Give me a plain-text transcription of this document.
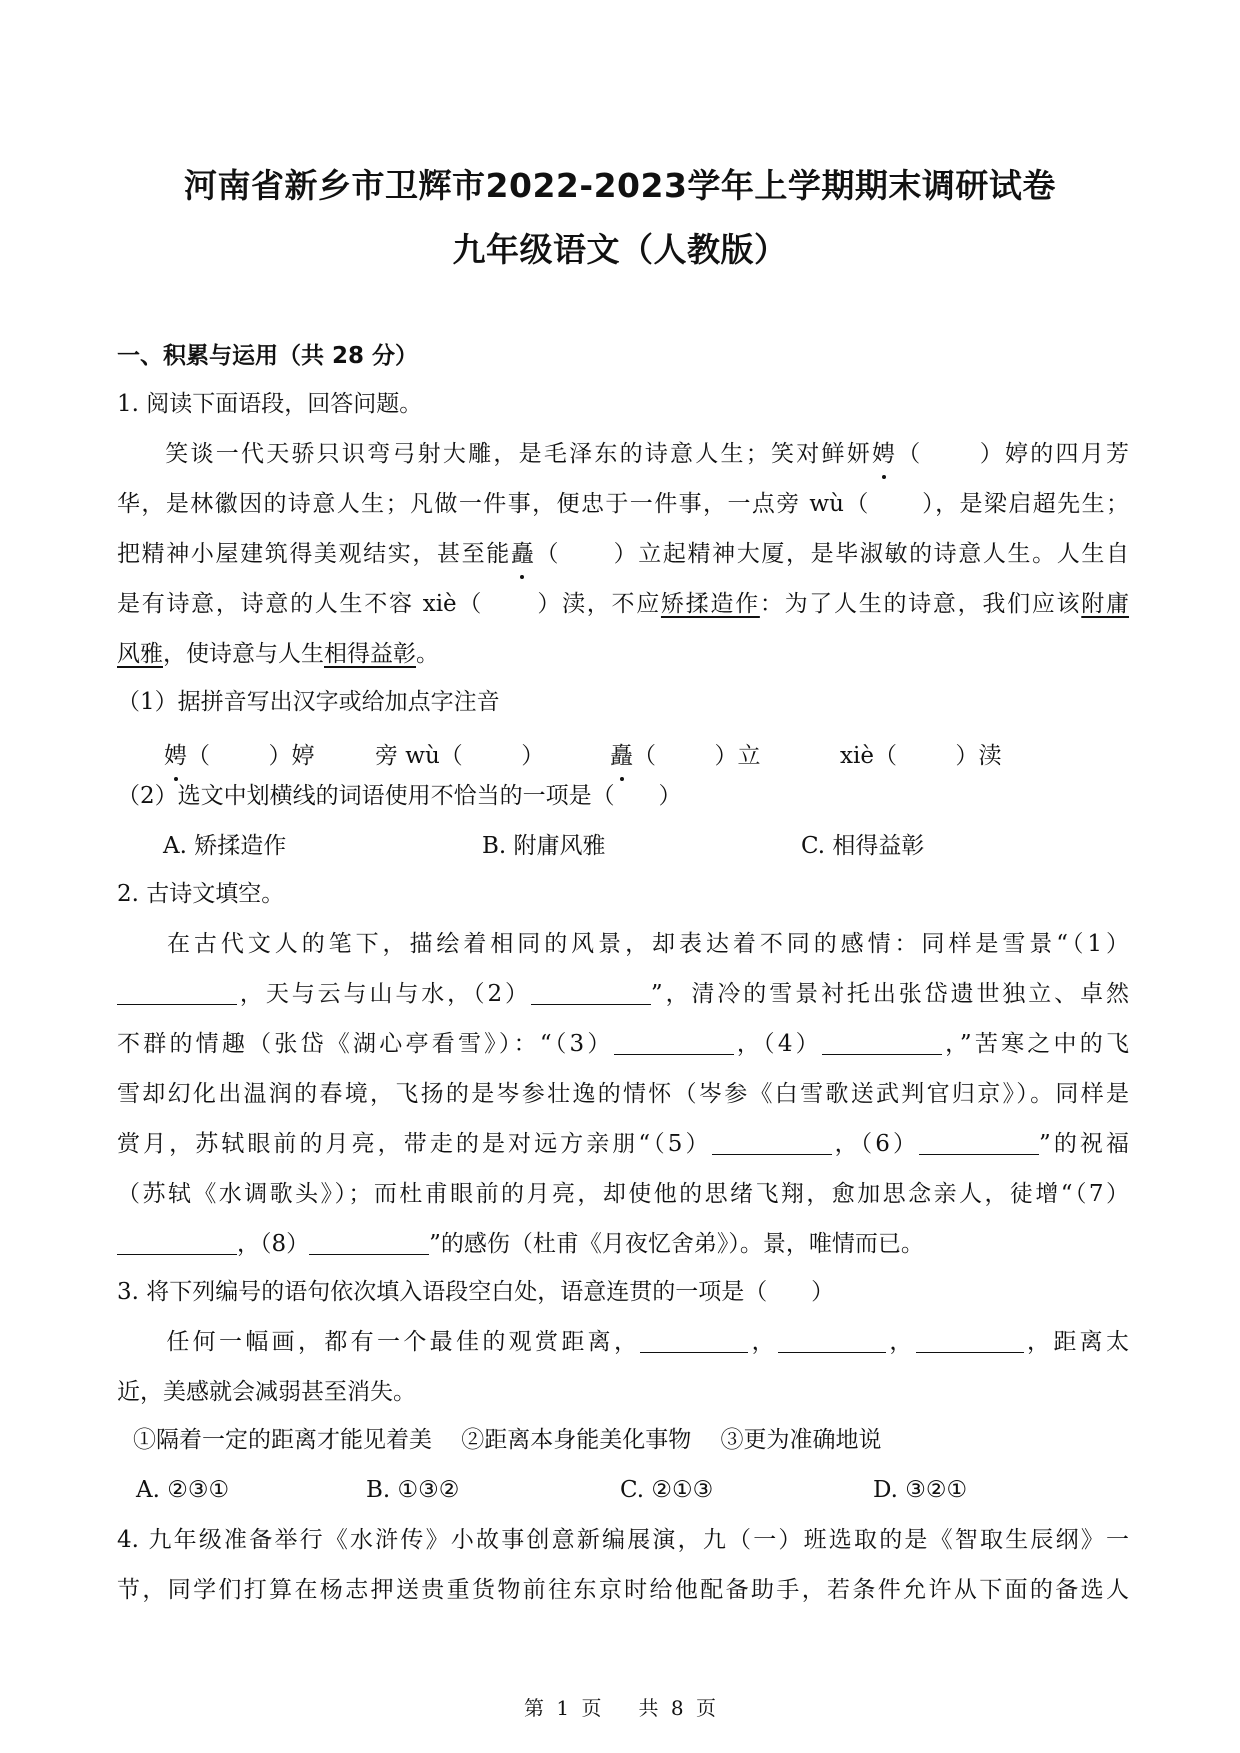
河南省新乡市卫辉市2022-2023学年上学期期末调研试卷
九年级语文（人教版）
一、积累与运用（共 28 分）
1. 阅读下面语段，回答问题。
笑谈一代天骄只识弯弓射大雕，是毛泽东的诗意人生；笑对鲜妍娉（      ）婷的四月芳
华，是林徽因的诗意人生；凡做一件事，便忠于一件事，一点旁 wù（      ），是梁启超先生；
把精神小屋建筑得美观结实，甚至能矗（      ）立起精神大厦，是毕淑敏的诗意人生。人生自
是有诗意，诗意的人生不容 xiè（      ）渎，不应矫揉造作：为了人生的诗意，我们应该附庸
风雅，使诗意与人生相得益彰。
（1）据拼音写出汉字或给加点字注音
娉（        ）婷	旁 wù（        ）	矗（        ）立	xiè（        ）渎
（2）选文中划横线的词语使用不恰当的一项是（      ）
A. 矫揉造作	B. 附庸风雅	C. 相得益彰
2. 古诗文填空。
在古代文人的笔下，描绘着相同的风景，却表达着不同的感情：同样是雪景“（1）
，天与云与山与水，（2）	”，清冷的雪景衬托出张岱遗世独立、卓然
不群的情趣（张岱《湖心亭看雪》）：“（3）	，（4）	，”苦寒之中的飞
雪却幻化出温润的春境，飞扬的是岑参壮逸的情怀（岑参《白雪歌送武判官归京》）。同样是
赏月，苏轼眼前的月亮，带走的是对远方亲朋“（5）	，（6）	”的祝福
（苏轼《水调歌头》）；而杜甫眼前的月亮，却使他的思绪飞翔，愈加思念亲人，徒增“（7）
，（8）	”的感伤（杜甫《月夜忆舍弟》）。景，唯情而已。
3. 将下列编号的语句依次填入语段空白处，语意连贯的一项是（      ）
任何一幅画，都有一个最佳的观赏距离，	，	，	，距离太
近，美感就会减弱甚至消失。
①隔着一定的距离才能见着美    ②距离本身能美化事物    ③更为准确地说
A. ②③①	B. ①③②	C. ②①③	D. ③②①
4. 九年级准备举行《水浒传》小故事创意新编展演，九（一）班选取的是《智取生辰纲》一
节，同学们打算在杨志押送贵重货物前往东京时给他配备助手，若条件允许从下面的备选人
第 1 页   共 8 页
